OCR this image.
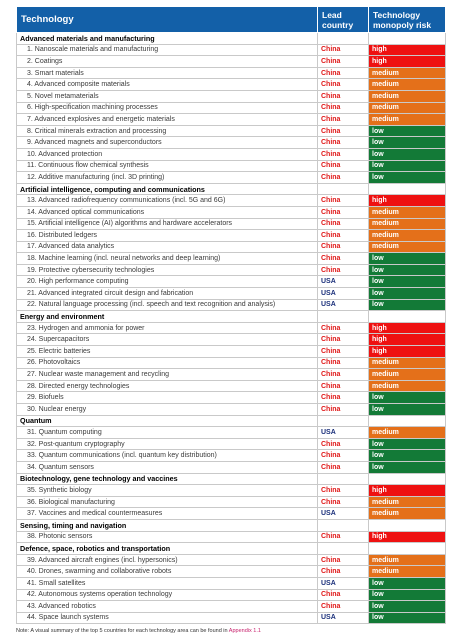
Technology	Lead country	Technology monopoly risk
Advanced materials and manufacturing		
1. Nanoscale materials and manufacturing	China	high
2. Coatings	China	high
3. Smart materials	China	medium
4. Advanced composite materials	China	medium
5. Novel metamaterials	China	medium
6. High-specification machining processes	China	medium
7. Advanced explosives and energetic materials	China	medium
8. Critical minerals extraction and processing	China	low
9. Advanced magnets and superconductors	China	low
10. Advanced protection	China	low
11. Continuous flow chemical synthesis	China	low
12. Additive manufacturing (incl. 3D printing)	China	low
Artificial intelligence, computing and communications		
13. Advanced radiofrequency communications (incl. 5G and 6G)	China	high
14. Advanced optical communications	China	medium
15. Artificial intelligence (AI) algorithms and hardware accelerators	China	medium
16. Distributed ledgers	China	medium
17. Advanced data analytics	China	medium
18. Machine learning (incl. neural networks and deep learning)	China	low
19. Protective cybersecurity technologies	China	low
20. High performance computing	USA	low
21. Advanced integrated circuit design and fabrication	USA	low
22. Natural language processing (incl. speech and text recognition and analysis)	USA	low
Energy and environment		
23. Hydrogen and ammonia for power	China	high
24. Supercapacitors	China	high
25. Electric batteries	China	high
26. Photovoltaics	China	medium
27. Nuclear waste management and recycling	China	medium
28. Directed energy technologies	China	medium
29. Biofuels	China	low
30. Nuclear energy	China	low
Quantum		
31. Quantum computing	USA	medium
32. Post-quantum cryptography	China	low
33. Quantum communications (incl. quantum key distribution)	China	low
34. Quantum sensors	China	low
Biotechnology, gene technology and vaccines		
35. Synthetic biology	China	high
36. Biological manufacturing	China	medium
37. Vaccines and medical countermeasures	USA	medium
Sensing, timing and navigation		
38. Photonic sensors	China	high
Defence, space, robotics and transportation		
39. Advanced aircraft engines (incl. hypersonics)	China	medium
40. Drones, swarming and collaborative robots	China	medium
41. Small satellites	USA	low
42. Autonomous systems operation technology	China	low
43. Advanced robotics	China	low
44. Space launch systems	USA	low
Note: A visual summary of the top 5 countries for each technology area can be found in Appendix 1.1
